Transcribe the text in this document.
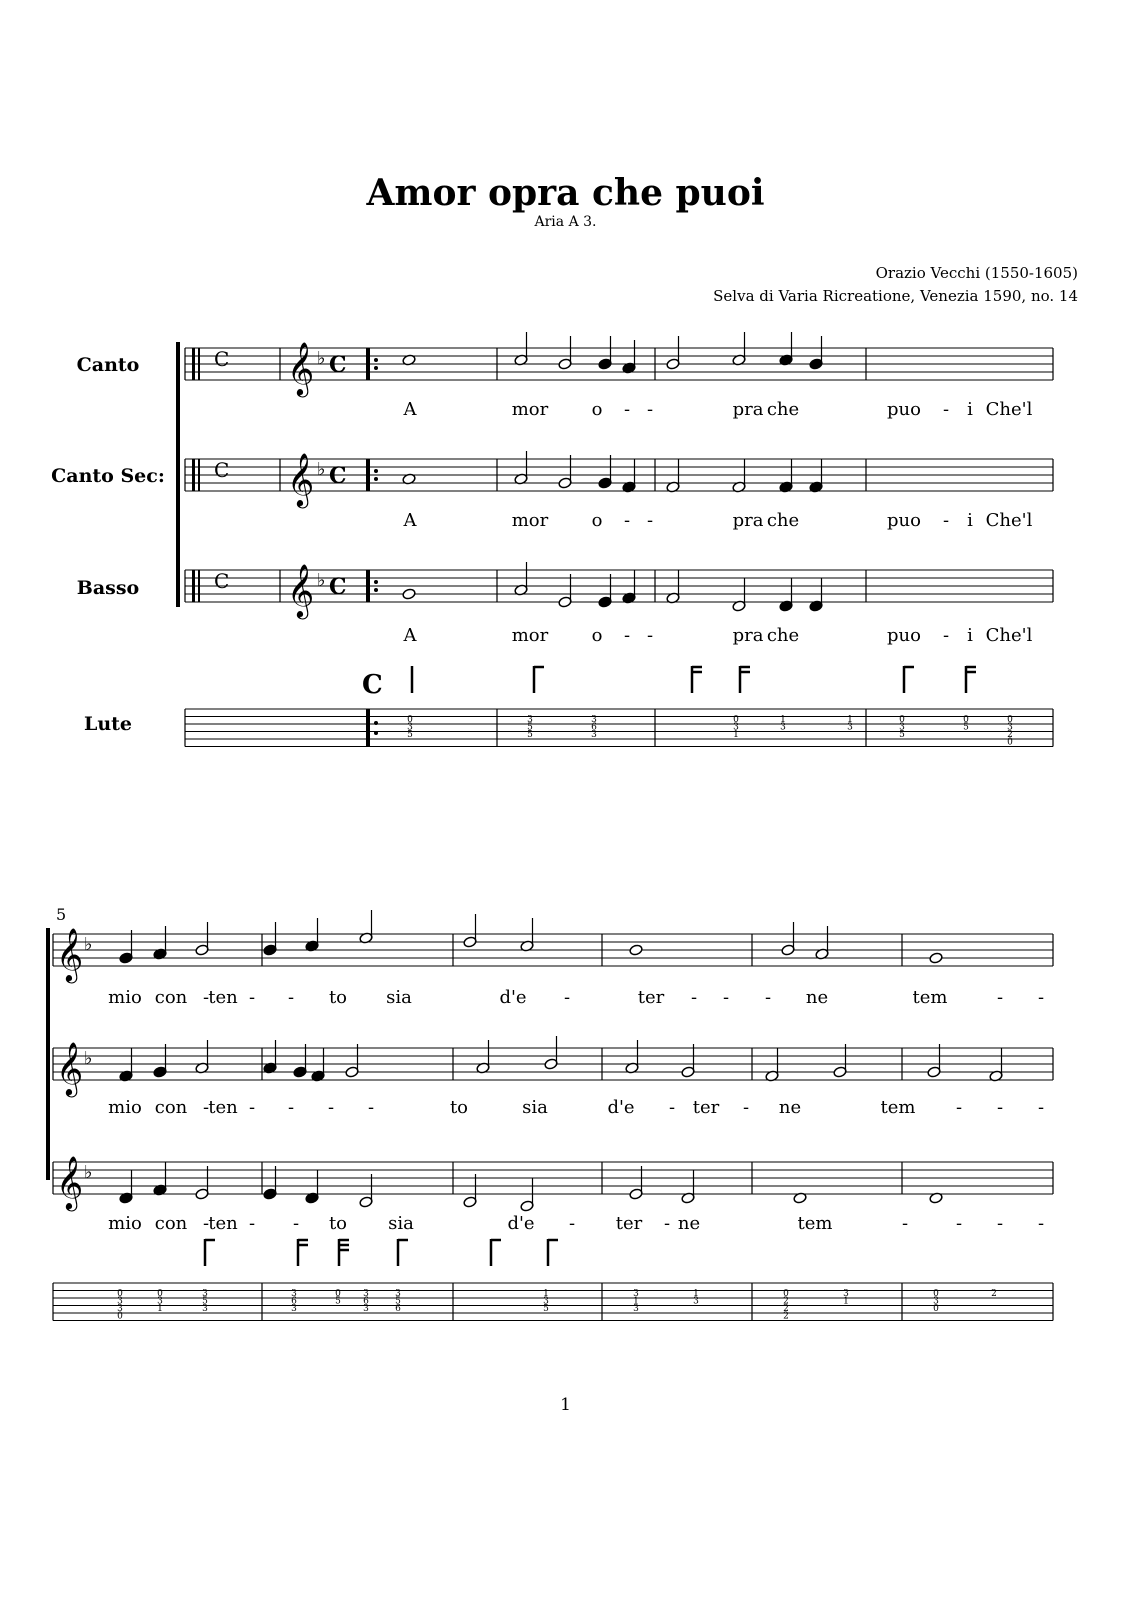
Amor opra che puoi
Aria A 3.
Orazio Vecchi (1550-1605)
Selva di Varia Ricreatione, Venezia 1590, no. 14
Canto
Canto Sec:
Basso
Lute
5
C
𝄞 ♭ C
C
𝄞 ♭ C
C
𝄞 ♭ C
C
A	mor o - -	pra che	puo - i Che'l
A	mor o - -	pra che	puo - i Che'l
A	mor o - -	pra che	puo - i Che'l
0
3
5
3
5
5
3
6
3
0
3
1
1
3
1
3
0
3
5
0
5
0
3
2
0
𝄞 ♭
𝄞 ♭
𝄞 ♭
mio con - ten - - to sia	d'e -	ter - - - ne	tem	- -
mio con - ten - - - -	to	sia	d'e - ter - ne	tem - - -
mio con - ten - - to sia	d'e - ter - ne	tem	-	- - -
0
3
3
0
0
3
1
3
5
3
3
6
3
0
5
3
6
3
3
5
6
1
3
5
3
1
3
1
3
0
2
2
2
3
1
0
3
0
2
1
